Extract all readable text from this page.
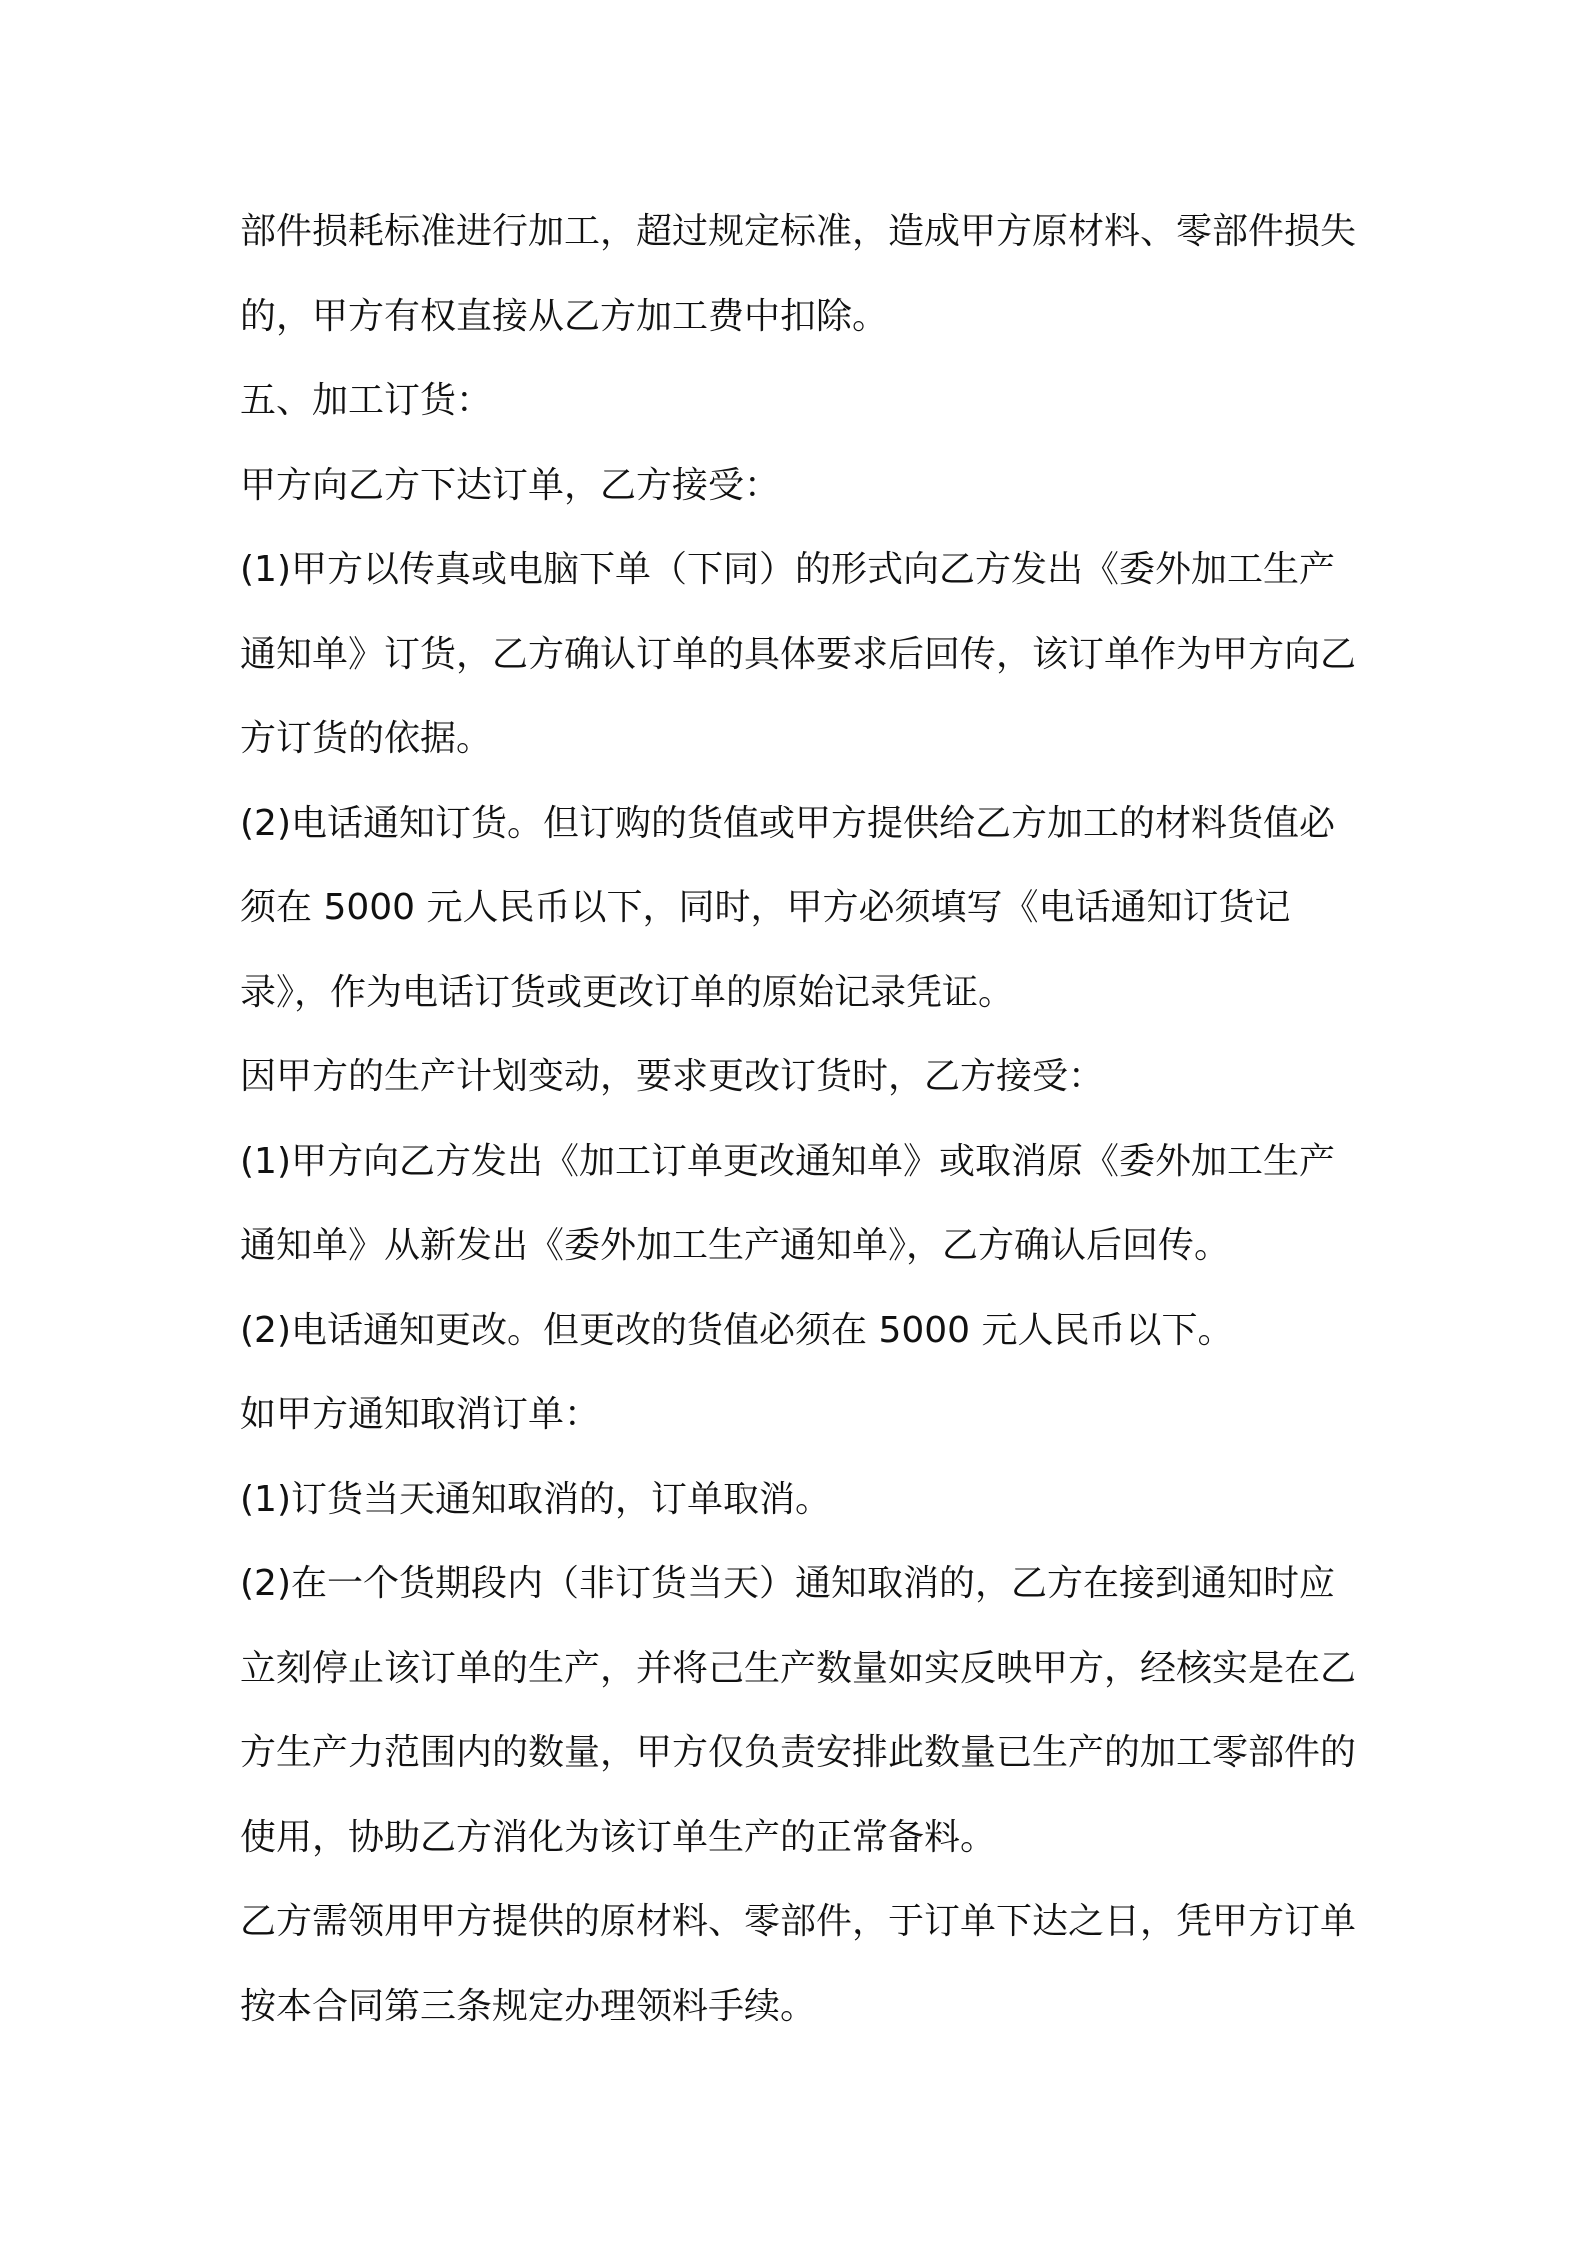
部件损耗标准进行加工，超过规定标准，造成甲方原材料、零部件损失的，甲方有权直接从乙方加工费中扣除。

五、加工订货：

甲方向乙方下达订单，乙方接受：

(1)甲方以传真或电脑下单（下同）的形式向乙方发出《委外加工生产通知单》订货，乙方确认订单的具体要求后回传，该订单作为甲方向乙方订货的依据。

(2)电话通知订货。但订购的货值或甲方提供给乙方加工的材料货值必须在 5000 元人民币以下，同时，甲方必须填写《电话通知订货记录》，作为电话订货或更改订单的原始记录凭证。

因甲方的生产计划变动，要求更改订货时，乙方接受：

(1)甲方向乙方发出《加工订单更改通知单》或取消原《委外加工生产通知单》从新发出《委外加工生产通知单》，乙方确认后回传。

(2)电话通知更改。但更改的货值必须在 5000 元人民币以下。

如甲方通知取消订单：

(1)订货当天通知取消的，订单取消。

(2)在一个货期段内（非订货当天）通知取消的，乙方在接到通知时应立刻停止该订单的生产，并将己生产数量如实反映甲方，经核实是在乙方生产力范围内的数量，甲方仅负责安排此数量已生产的加工零部件的使用，协助乙方消化为该订单生产的正常备料。

乙方需领用甲方提供的原材料、零部件，于订单下达之日，凭甲方订单按本合同第三条规定办理领料手续。
